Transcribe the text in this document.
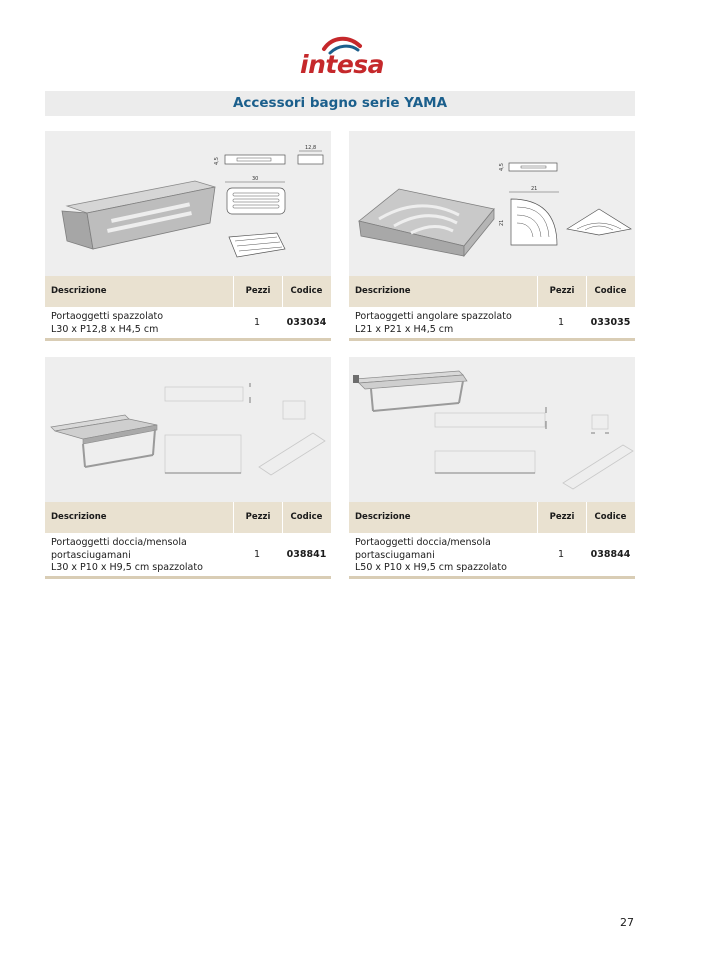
intesa
Accessori bagno serie YAMA
12,8
4,5
30
Descrizione	Pezzi	Codice
Portaoggetti spazzolato
L30 x P12,8 x H4,5 cm
1	033034
4,5
21
21
Descrizione	Pezzi	Codice
Portaoggetti angolare spazzolato
L21 x P21 x H4,5 cm
1	033035
Descrizione	Pezzi	Codice
Portaoggetti doccia/mensola
portasciugamani
L30 x P10 x H9,5 cm spazzolato
1	038841
Descrizione	Pezzi	Codice
Portaoggetti doccia/mensola
portasciugamani
L50 x P10 x H9,5 cm spazzolato
1	038844
27
